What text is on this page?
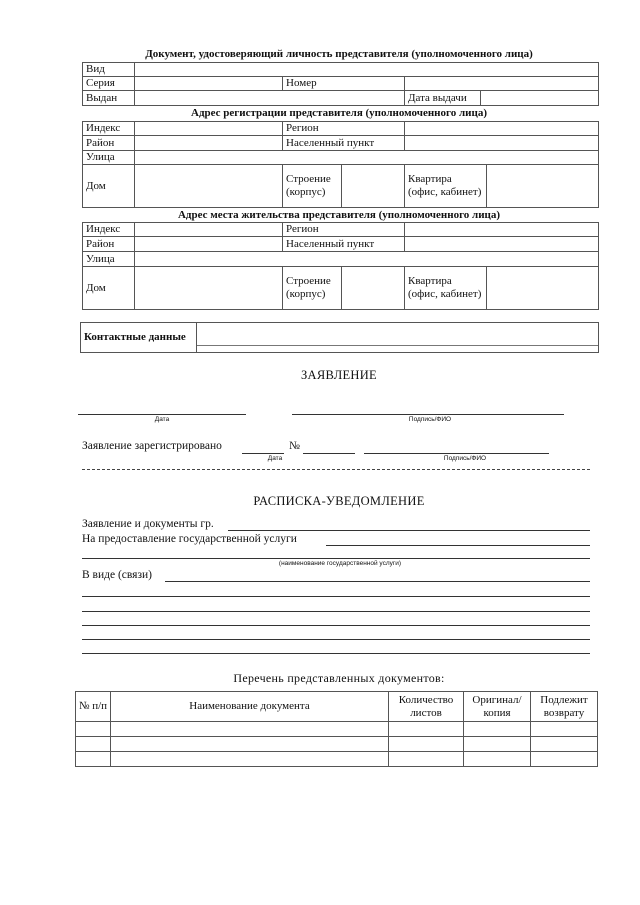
Документ, удостоверяющий личность представителя (уполномоченного лица)
Вид			
Серия		Номер	
Выдан			Дата выдачи
Адрес регистрации представителя (уполномоченного лица)
Индекс		Регион			
Район		Населенный пункт			
Улица					
Дом		Строение (корпус)		Квартира (офис, кабинет)	
Адрес места жительства представителя (уполномоченного лица)
Индекс		Регион			
Район		Населенный пункт			
Улица					
Дом		Строение (корпус)		Квартира (офис, кабинет)	
Контактные данные	
ЗАЯВЛЕНИЕ
Дата	Подпись/ФИО
Заявление зарегистрировано	№
Дата	Подпись/ФИО
РАСПИСКА-УВЕДОМЛЕНИЕ
Заявление и документы гр.
На предоставление государственной услуги
(наименование государственной услуги)
В виде (связи)
Перечень представленных документов:
№ п/п	Наименование документа	Количество листов	Оригинал/ копия	Подлежит возврату
